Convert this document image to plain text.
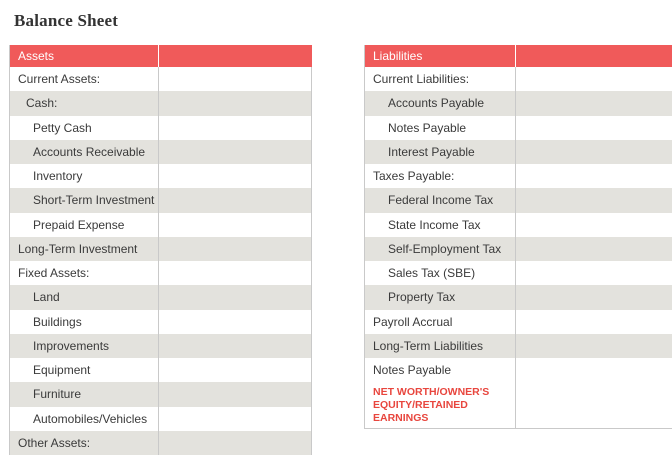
Balance Sheet
Assets	
Current Assets:	
Cash:	
Petty Cash	
Accounts Receivable	
Inventory	
Short-Term Investment	
Prepaid Expense	
Long-Term Investment	
Fixed Assets:	
Land	
Buildings	
Improvements	
Equipment	
Furniture	
Automobiles/Vehicles	
Other Assets:	
Liabilities	
Current Liabilities:	
Accounts Payable	
Notes Payable	
Interest Payable	
Taxes Payable:	
Federal Income Tax	
State Income Tax	
Self-Employment Tax	
Sales Tax (SBE)	
Property Tax	
Payroll Accrual	
Long-Term Liabilities	
Notes Payable	
NET WORTH/OWNER'S EQUITY/RETAINED EARNINGS	
